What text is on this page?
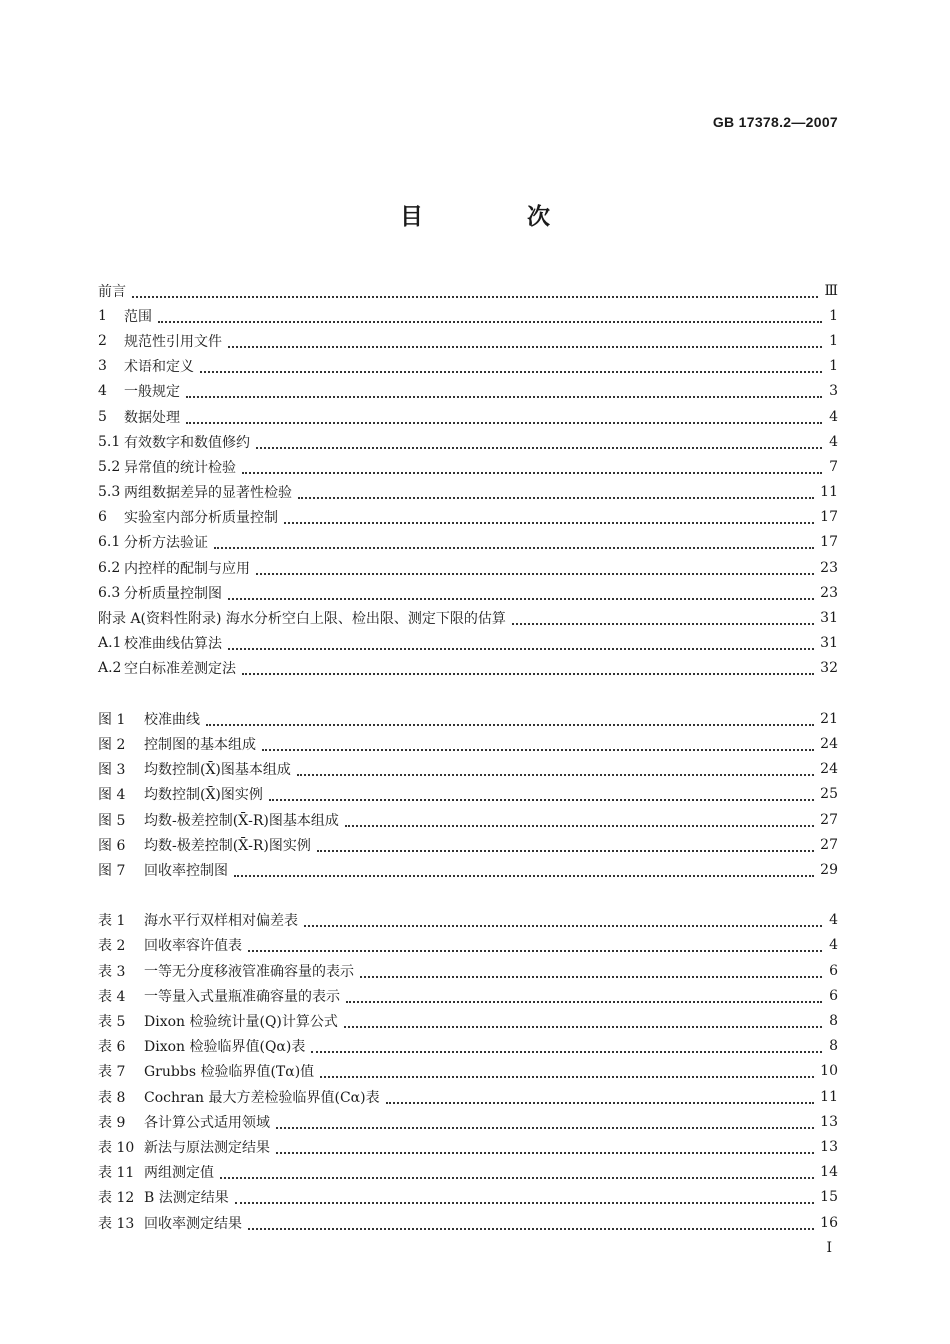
GB 17378.2—2007
目 次
前言	Ⅲ
1	范围	1
2	规范性引用文件	1
3	术语和定义	1
4	一般规定	3
5	数据处理	4
5.1 有效数字和数值修约	4
5.2 异常值的统计检验	7
5.3 两组数据差异的显著性检验	11
6	实验室内部分析质量控制	17
6.1 分析方法验证	17
6.2 内控样的配制与应用	23
6.3 分析质量控制图	23
附录 A(资料性附录) 海水分析空白上限、检出限、测定下限的估算	31
A.1 校准曲线估算法	31
A.2 空白标准差测定法	32
图 1	校准曲线	21
图 2	控制图的基本组成	24
图 3	均数控制(X̄)图基本组成	24
图 4	均数控制(X̄)图实例	25
图 5	均数-极差控制(X̄-R)图基本组成	27
图 6	均数-极差控制(X̄-R)图实例	27
图 7	回收率控制图	29
表 1	海水平行双样相对偏差表	4
表 2	回收率容许值表	4
表 3	一等无分度移液管准确容量的表示	6
表 4	一等量入式量瓶准确容量的表示	6
表 5	Dixon 检验统计量(Q)计算公式	8
表 6	Dixon 检验临界值(Qα)表	8
表 7	Grubbs 检验临界值(Tα)值	10
表 8	Cochran 最大方差检验临界值(Cα)表	11
表 9	各计算公式适用领域	13
表 10 新法与原法测定结果	13
表 11 两组测定值	14
表 12 B 法测定结果	15
表 13 回收率测定结果	16
I
